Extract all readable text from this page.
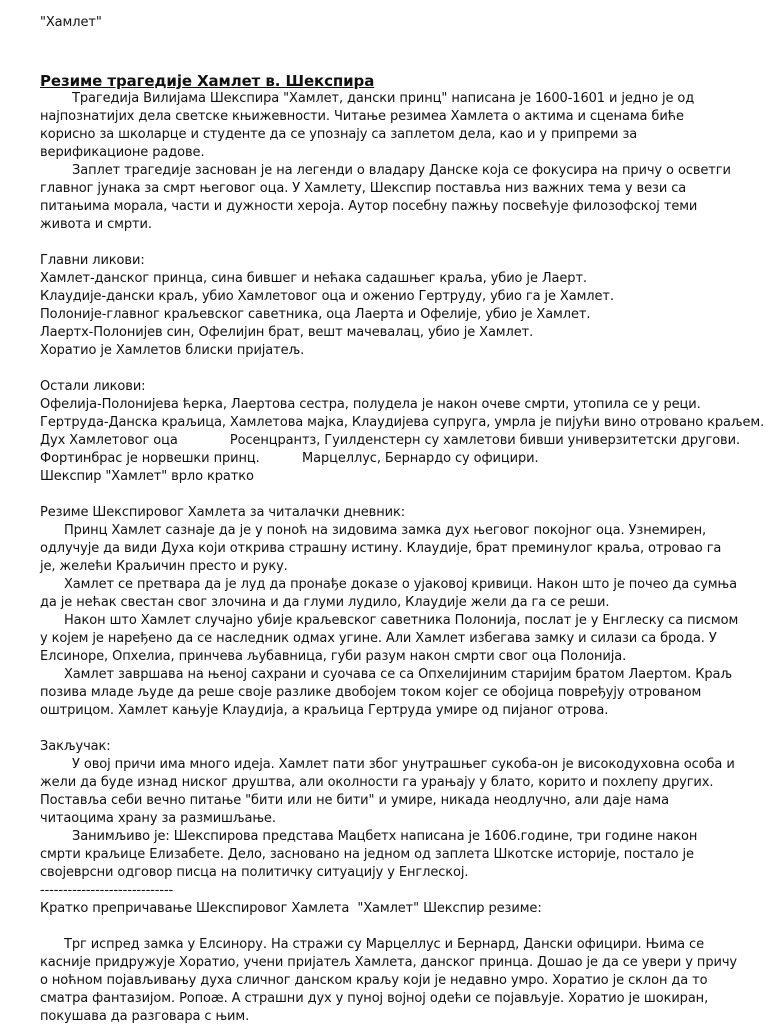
"Хамлет"

Резиме трагедије Хамлет в. Шекспира

Трагедија Вилијама Шекспира "Хамлет, дански принц" написана је 1600-1601 и једно је од најпознатијих дела светске књижевности. Читање резимеа Хамлета о актима и сценама биће корисно за школарце и студенте да се упознају са заплетом дела, као и у припреми за верификационе радове.

Заплет трагедије заснован је на легенди о владару Данске која се фокусира на причу о осветги главног јунака за смрт његовог оца. У Хамлету, Шекспир поставља низ важних тема у вези са питањима морала, части и дужности хероја. Аутор посебну пажњу посвећује филозофској теми живота и смрти.

Главни ликови:

Хамлет-данског принца, сина бившег и нећака садашњег краља, убио је Лаерт.

Клаудије-дански краљ, убио Хамлетовог оца и оженио Гертруду, убио га је Хамлет.

Полоније-главног краљевског саветника, оца Лаерта и Офелије, убио је Хамлет.

Лаертх-Полонијев син, Офелијин брат, вешт мачевалац, убио је Хамлет.

Хоратио је Хамлетов блиски пријатељ.

Остали ликови:

Офелија-Полонијева ћерка, Лаертова сестра, полудела је након очеве смрти, утопила се у реци.

Гертруда-Данска краљица, Хамлетова мајка, Клаудијева супруга, умрла је пијући вино отровано краљем.

Дух Хамлетовог оца	Росенцрантз, Гуилденстерн су хамлетови бивши универзитетски другови.
Фортинбрас је норвешки принц.	Марцеллус, Бернардо су официри.

Шекспир "Хамлет" врло кратко

Резиме Шекспировог Хамлета за читалачки дневник:

Принц Хамлет сазнаје да је у поноћ на зидовима замка дух његовог покојног оца. Узнемирен, одлучује да види Духа који открива страшну истину. Клаудије, брат преминулог краља, отровао га је, желећи Краљичин престо и руку.

Хамлет се претвара да је луд да пронађе доказе о ујаковој кривици. Након што је почео да сумња да је нећак свестан свог злочина и да глуми лудило, Клаудије жели да га се реши.

Након што Хамлет случајно убије краљевског саветника Полонија, послат је у Енглеску са писмом у којем је наређено да се наследник одмах угине. Али Хамлет избегава замку и силази са брода. У Елсиноре, Опхелиа, принчева љубавница, губи разум након смрти свог оца Полонија.

Хамлет завршава на њеној сахрани и суочава се са Опхелијиним старијим братом Лаертом. Краљ позива младе људе да реше своје разлике двобојем током којег се обојица повређују отрованом оштрицом. Хамлет кањује Клаудија, а краљица Гертруда умире од пијаног отрова.

Закључак:

У овој причи има много идеја. Хамлет пати због унутрашњег сукоба-он је високодуховна особа и жели да буде изнад ниског друштва, али околности га урањају у блато, корито и похлепу других. Поставља себи вечно питање "бити или не бити" и умире, никада неодлучно, али даје нама читаоцима храну за размишљање.

Занимљиво је: Шекспирова представа Мацбетх написана је 1606.године, три године након смрти краљице Елизабете. Дело, засновано на једном од заплета Шкотске историје, постало је својеврсни одговор писца на политичку ситуацију у Енглеској.

-----------------------------

Кратко препричавање Шекспировог Хамлета  "Хамлет" Шекспир резиме:

Трг испред замка у Елсинору. На стражи су Марцеллус и Бернард, Дански официри. Њима се касније придружује Хоратио, учени пријатељ Хамлета, данског принца. Дошао је да се увери у причу о ноћном појављивању духа сличног данском краљу који је недавно умро. Хоратио је склон да то сматра фантазијом. Ропоæ. А страшни дух у пуној војној одећи се појављује. Хоратио је шокиран, покушава да разговара с њим.
